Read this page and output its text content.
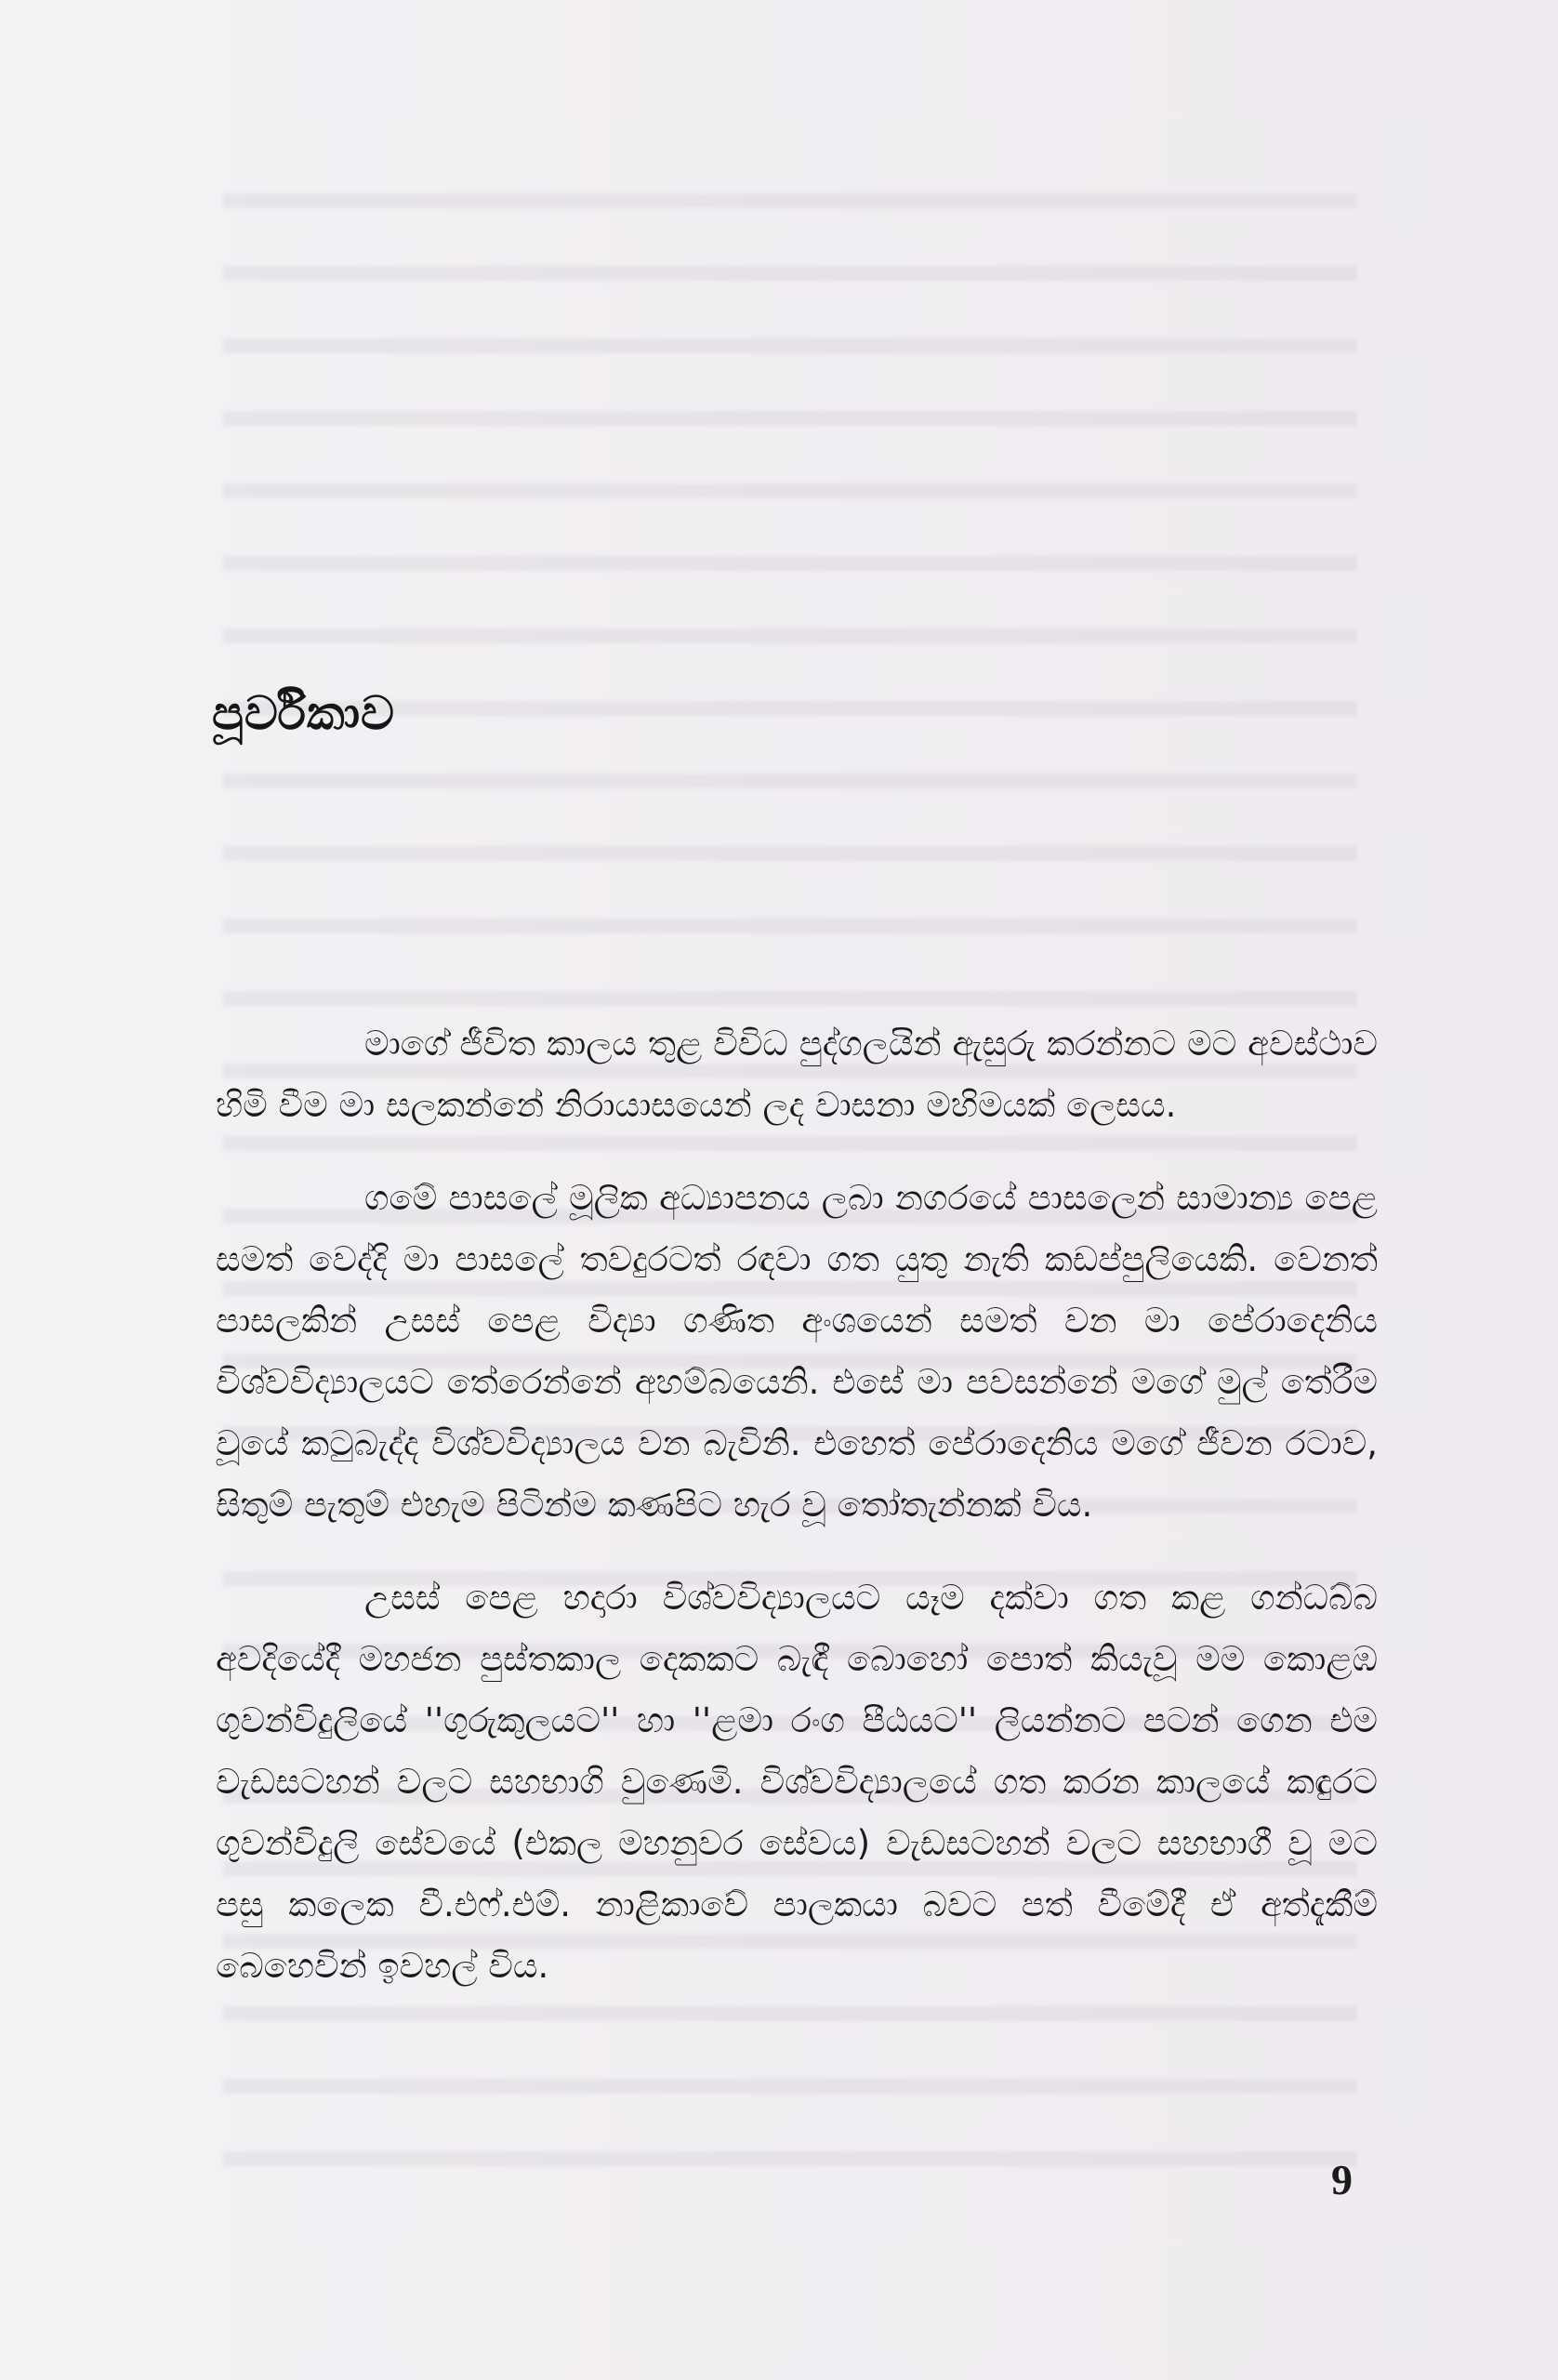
පූර්විකාව

මාගේ ජීවිත කාලය තුළ විවිධ පුද්ගලයින් ඇසුරු කරන්නට මට අවස්ථාව හිමි වීම මා සලකන්නේ නිරායාසයෙන් ලද වාසනා මහිමයක් ලෙසය.

ගමේ පාසලේ මූලික අධ්‍යාපනය ලබා නගරයේ පාසලෙන් සාමාන්‍ය පෙළ සමත් වෙද්දි මා පාසලේ තවදුරටත් රඳවා ගත යුතු නැති කඩප්පුලියෙකි. වෙනත් පාසලකින් උසස් පෙළ විද්‍යා ගණිත අංශයෙන් සමත් වන මා පේරාදෙනිය විශ්වවිද්‍යාලයට තේරෙන්නේ අහම්බයෙනි. එසේ මා පවසන්නේ මගේ මුල් තේරීම වූයේ කටුබැද්ද විශ්වවිද්‍යාලය වන බැවිනි. එහෙත් පේරාදෙනිය මගේ ජීවන රටාව, සිතුම් පැතුම් එහැම පිටින්ම කණපිට හැර වූ තෝතැන්නක් විය.

උසස් පෙළ හදාරා විශ්වවිද්‍යාලයට යෑම දක්වා ගත කළ ගන්ධබ්බ අවදියේදී මහජන පුස්තකාල දෙකකට බැඳී බොහෝ පොත් කියැවූ මම කොළඹ ගුවන්විදුලියේ ''ගුරුකුලයට'' හා ''ළමා රංග පීඨයට'' ලියන්නට පටන් ගෙන එම වැඩසටහන් වලට සහභාගි වුණෙමි. විශ්වවිද්‍යාලයේ ගත කරන කාලයේ කඳුරට ගුවන්විදුලි සේවයේ (එකල මහනුවර සේවය) වැඩසටහන් වලට සහභාගී වූ මට පසු කලෙක වී.එෆ්.එම්. නාළිකාවේ පාලකයා බවට පත් වීමේදී ඒ අත්දැකීම් බෙහෙවින් ඉවහල් විය.

9
